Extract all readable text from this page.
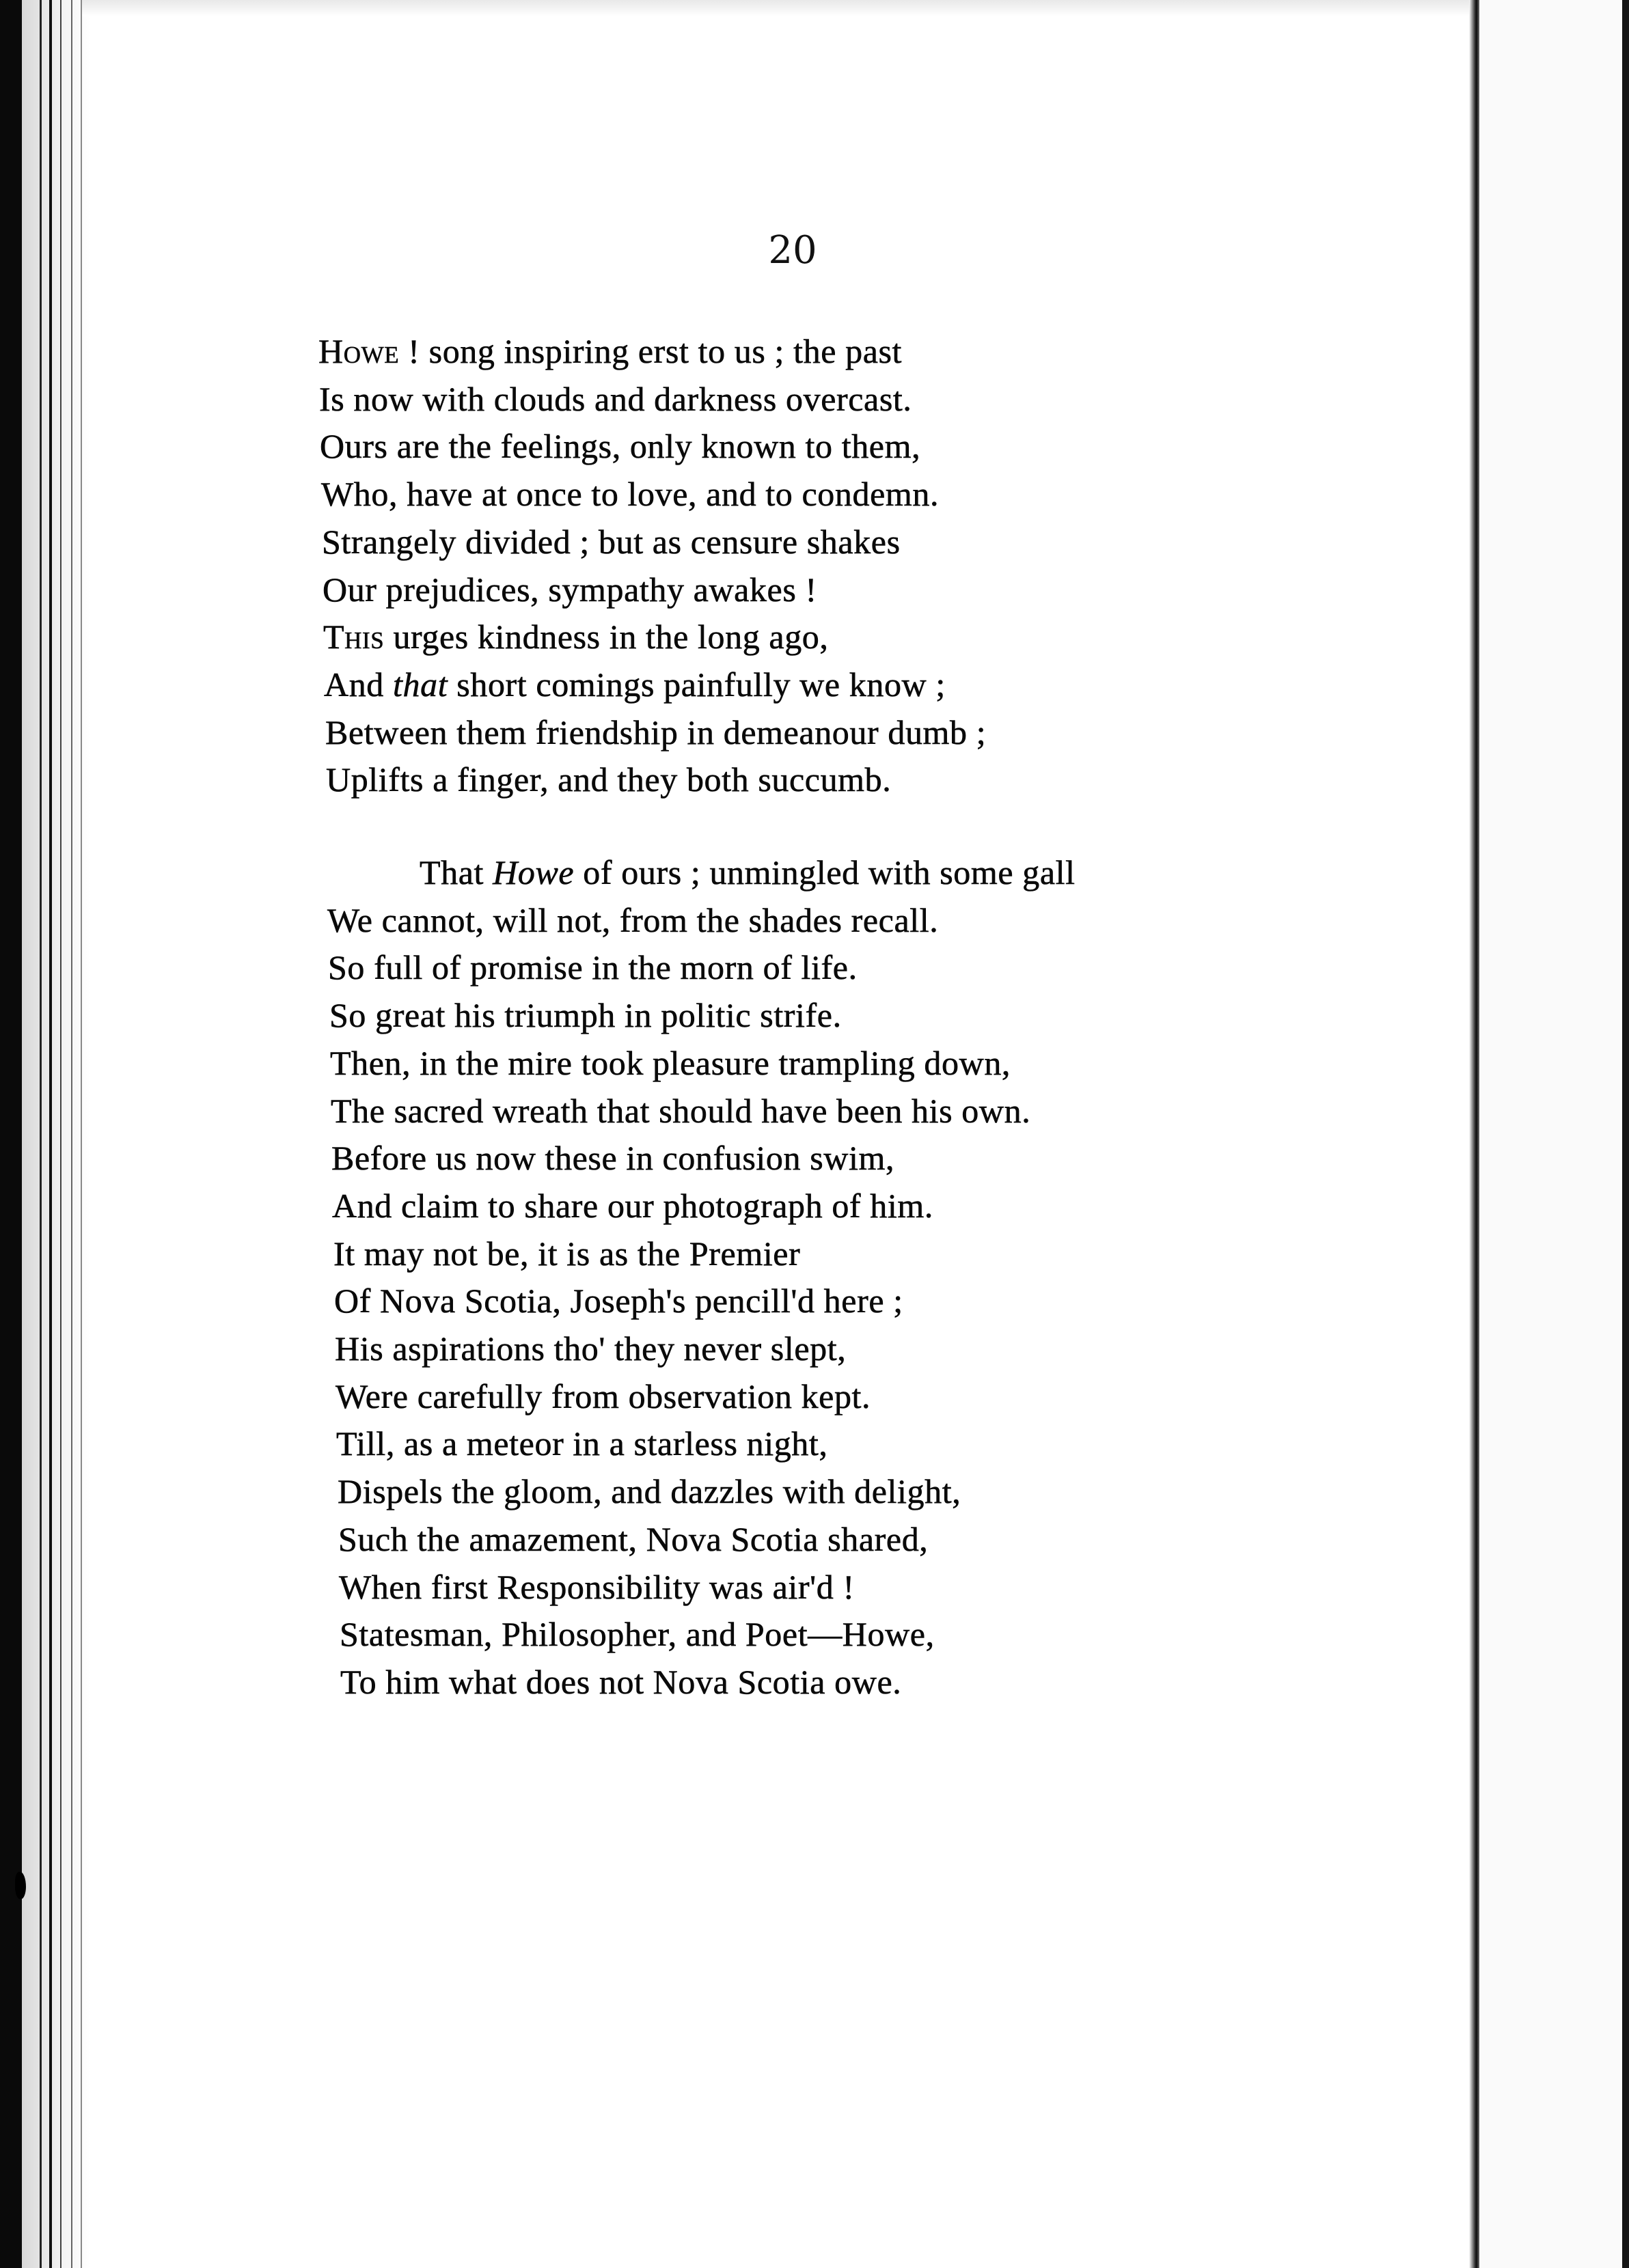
20
Howe ! song inspiring erst to us ; the past
Is now with clouds and darkness overcast.
Ours are the feelings, only known to them,
Who, have at once to love, and to condemn.
Strangely divided ; but as censure shakes
Our prejudices, sympathy awakes !
This urges kindness in the long ago,
And that short comings painfully we know ;
Between them friendship in demeanour dumb ;
Uplifts a finger, and they both succumb.
That Howe of ours ; unmingled with some gall
We cannot, will not, from the shades recall.
So full of promise in the morn of life.
So great his triumph in politic strife.
Then, in the mire took pleasure trampling down,
The sacred wreath that should have been his own.
Before us now these in confusion swim,
And claim to share our photograph of him.
It may not be, it is as the Premier
Of Nova Scotia, Joseph's pencill'd here ;
His aspirations tho' they never slept,
Were carefully from observation kept.
Till, as a meteor in a starless night,
Dispels the gloom, and dazzles with delight,
Such the amazement, Nova Scotia shared,
When first Responsibility was air'd !
Statesman, Philosopher, and Poet—Howe,
To him what does not Nova Scotia owe.
